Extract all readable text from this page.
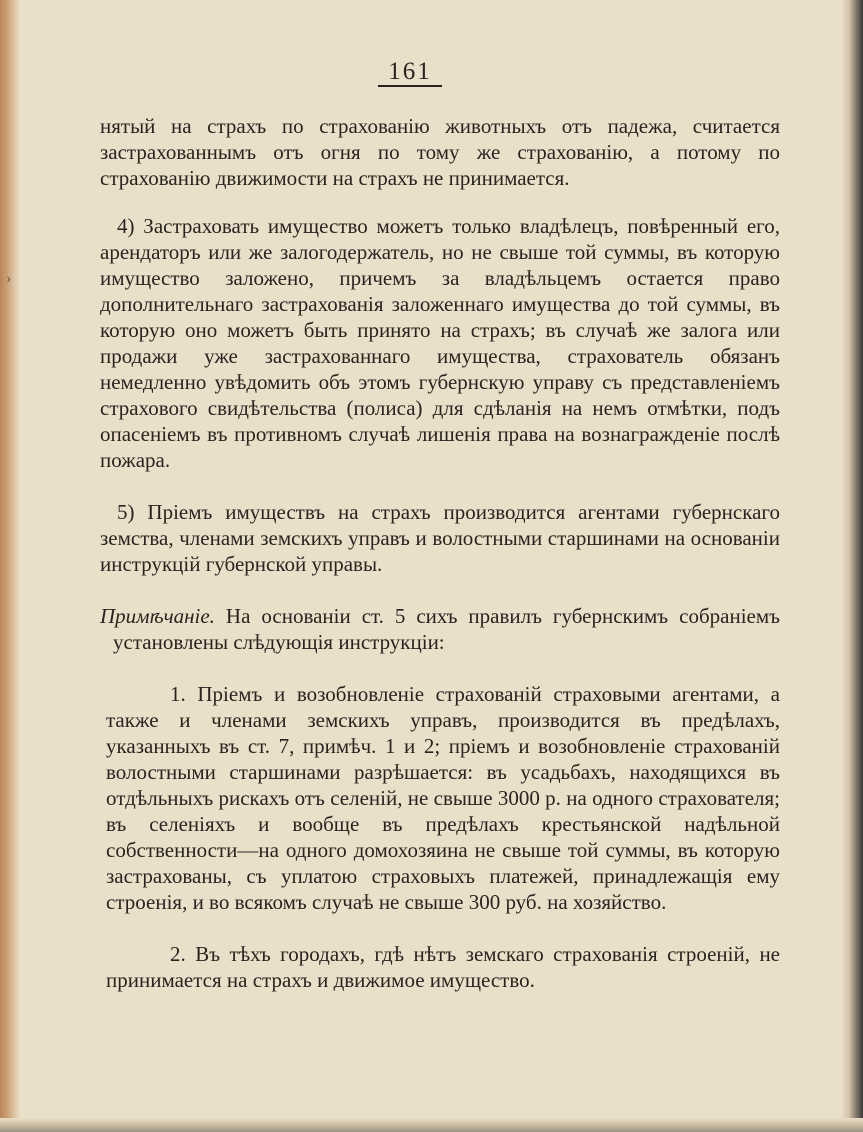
›
161

нятый на страхъ по страхованію животныхъ отъ падежа, считается застрахованнымъ отъ огня по тому же страхованію, а потому по страхованію движимости на страхъ не принимается.

4) Застраховать имущество можетъ только владѣлецъ, повѣренный его, арендаторъ или же залогодержатель, но не свыше той суммы, въ которую имущество заложено, причемъ за владѣльцемъ остается право дополнительнаго застрахованія заложеннаго имущества до той суммы, въ которую оно можетъ быть принято на страхъ; въ случаѣ же залога или продажи уже застрахованнаго имущества, страхователь обязанъ немедленно увѣдомить объ этомъ губернскую управу съ представленіемъ страхового свидѣтельства (полиса) для сдѣланія на немъ отмѣтки, подъ опасеніемъ въ противномъ случаѣ лишенія права на вознагражденіе послѣ пожара.

5) Пріемъ имуществъ на страхъ производится агентами губернскаго земства, членами земскихъ управъ и волостными старшинами на основаніи инструкцій губернской управы.

Примѣчаніе. На основаніи ст. 5 сихъ правилъ губернскимъ собраніемъ установлены слѣдующія инструкціи:

1. Пріемъ и возобновленіе страхованій страховыми агентами, а также и членами земскихъ управъ, производится въ предѣлахъ, указанныхъ въ ст. 7, примѣч. 1 и 2; пріемъ и возобновленіе страхованій волостными старшинами разрѣшается: въ усадьбахъ, находящихся въ отдѣльныхъ рискахъ отъ селеній, не свыше 3000 р. на одного страхователя; въ селеніяхъ и вообще въ предѣлахъ крестьянской надѣльной собственности—на одного домохозяина не свыше той суммы, въ которую застрахованы, съ уплатою страховыхъ платежей, принадлежащія ему строенія, и во всякомъ случаѣ не свыше 300 руб. на хозяйство.

2. Въ тѣхъ городахъ, гдѣ нѣтъ земскаго страхованія строеній, не принимается на страхъ и движимое имущество.
